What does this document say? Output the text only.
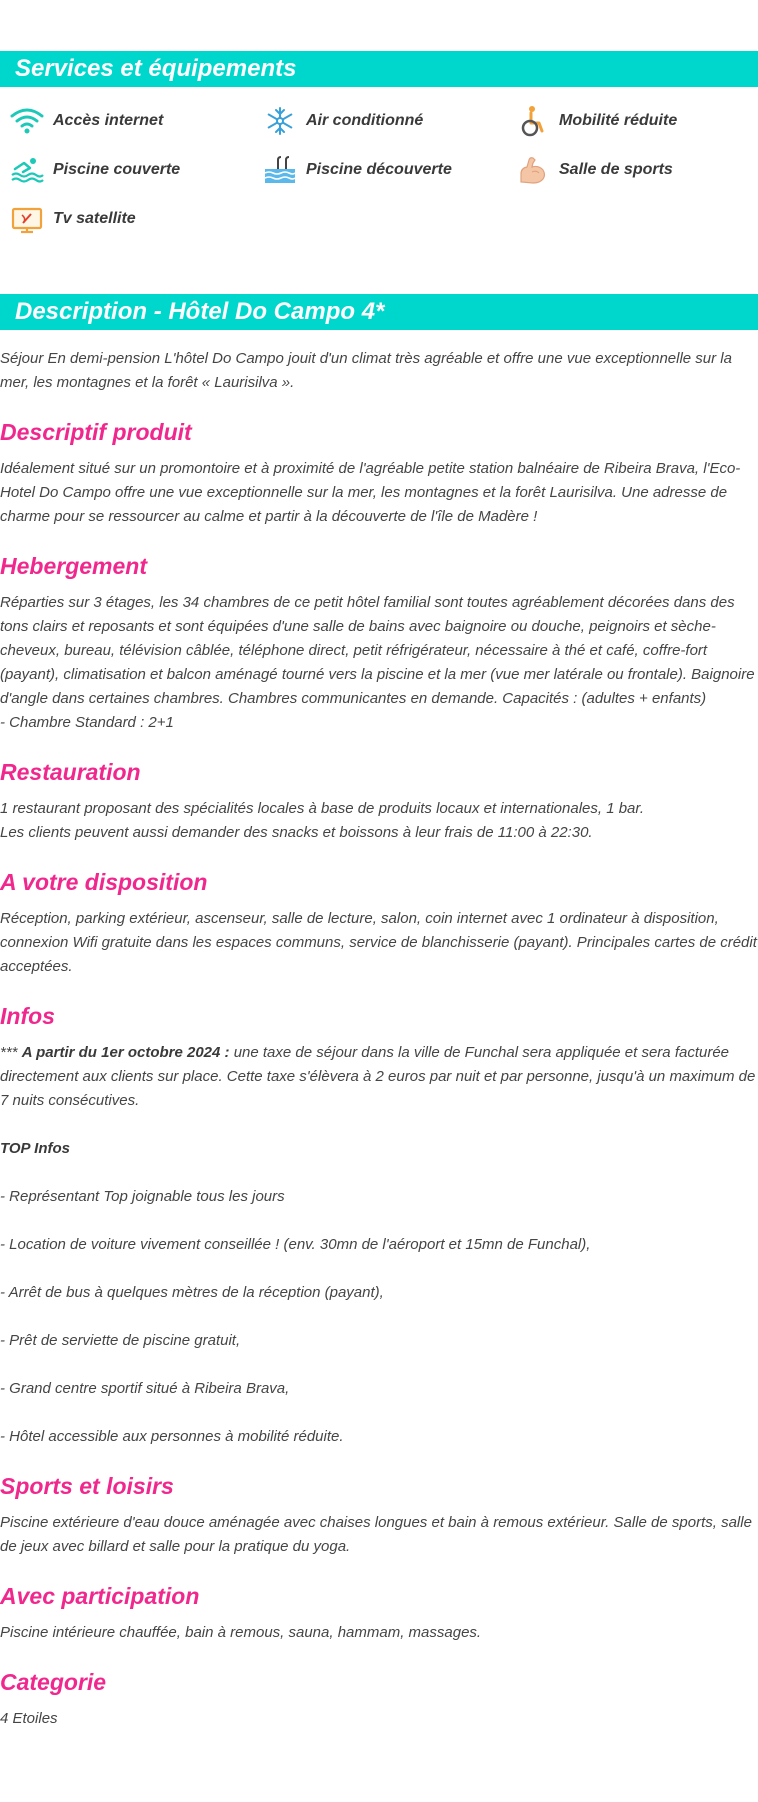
Services et équipements
Accès internet	Air conditionné	Mobilité réduite
Piscine couverte	Piscine découverte	Salle de sports
Tv satellite
Description - Hôtel Do Campo 4*

Séjour En demi-pension L'hôtel Do Campo jouit d'un climat très agréable et offre une vue exceptionnelle sur la mer, les montagnes et la forêt « Laurisilva ».

Descriptif produit

Idéalement situé sur un promontoire et à proximité de l'agréable petite station balnéaire de Ribeira Brava, l'Eco-Hotel Do Campo offre une vue exceptionnelle sur la mer, les montagnes et la forêt Laurisilva. Une adresse de charme pour se ressourcer au calme et partir à la découverte de l'île de Madère !

Hebergement

Réparties sur 3 étages, les 34 chambres de ce petit hôtel familial sont toutes agréablement décorées dans des tons clairs et reposants et sont équipées d'une salle de bains avec baignoire ou douche, peignoirs et sèche-cheveux, bureau, télévision câblée, téléphone direct, petit réfrigérateur, nécessaire à thé et café, coffre-fort (payant), climatisation et balcon aménagé tourné vers la piscine et la mer (vue mer latérale ou frontale). Baignoire d'angle dans certaines chambres. Chambres communicantes en demande. Capacités : (adultes + enfants)

- Chambre Standard : 2+1

Restauration

1 restaurant proposant des spécialités locales à base de produits locaux et internationales, 1 bar.

Les clients peuvent aussi demander des snacks et boissons à leur frais de 11:00 à 22:30.

A votre disposition

Réception, parking extérieur, ascenseur, salle de lecture, salon, coin internet avec 1 ordinateur à disposition, connexion Wifi gratuite dans les espaces communs, service de blanchisserie (payant). Principales cartes de crédit acceptées.

Infos

*** A partir du 1er octobre 2024 : une taxe de séjour dans la ville de Funchal sera appliquée et sera facturée directement aux clients sur place. Cette taxe s'élèvera à 2 euros par nuit et par personne, jusqu'à un maximum de 7 nuits consécutives.

TOP Infos

- Représentant Top joignable tous les jours

- Location de voiture vivement conseillée ! (env. 30mn de l'aéroport et 15mn de Funchal),

- Arrêt de bus à quelques mètres de la réception (payant),

- Prêt de serviette de piscine gratuit,

- Grand centre sportif situé à Ribeira Brava,

- Hôtel accessible aux personnes à mobilité réduite.

Sports et loisirs

Piscine extérieure d'eau douce aménagée avec chaises longues et bain à remous extérieur. Salle de sports, salle de jeux avec billard et salle pour la pratique du yoga.

Avec participation

Piscine intérieure chauffée, bain à remous, sauna, hammam, massages.

Categorie

4 Etoiles
